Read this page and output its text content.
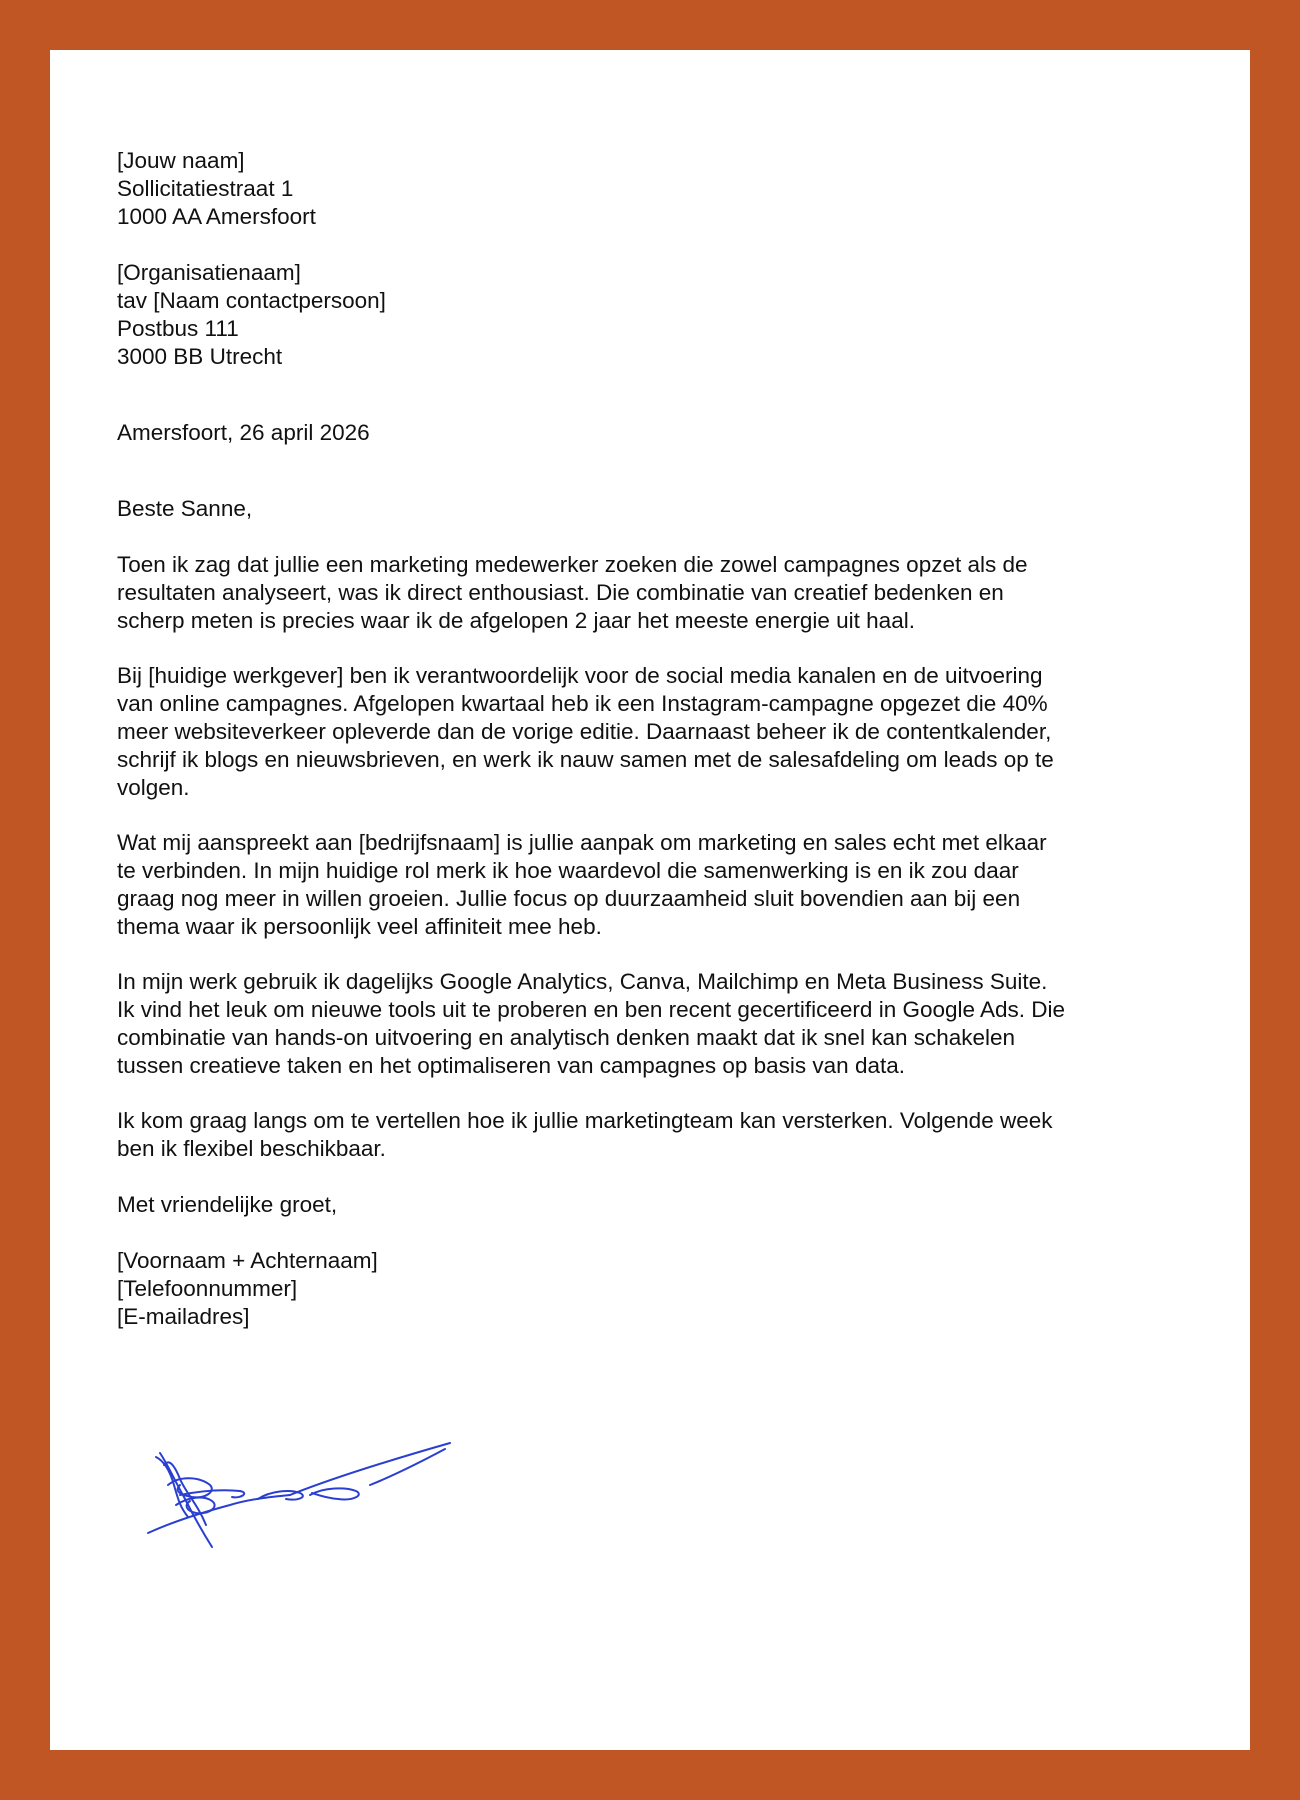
[Jouw naam]
Sollicitatiestraat 1
1000 AA Amersfoort
[Organisatienaam]
tav [Naam contactpersoon]
Postbus 111
3000 BB Utrecht
Amersfoort, 26 april 2026
Beste Sanne,
Toen ik zag dat jullie een marketing medewerker zoeken die zowel campagnes opzet als de
resultaten analyseert, was ik direct enthousiast. Die combinatie van creatief bedenken en
scherp meten is precies waar ik de afgelopen 2 jaar het meeste energie uit haal.
Bij [huidige werkgever] ben ik verantwoordelijk voor de social media kanalen en de uitvoering
van online campagnes. Afgelopen kwartaal heb ik een Instagram-campagne opgezet die 40%
meer websiteverkeer opleverde dan de vorige editie. Daarnaast beheer ik de contentkalender,
schrijf ik blogs en nieuwsbrieven, en werk ik nauw samen met de salesafdeling om leads op te
volgen.
Wat mij aanspreekt aan [bedrijfsnaam] is jullie aanpak om marketing en sales echt met elkaar
te verbinden. In mijn huidige rol merk ik hoe waardevol die samenwerking is en ik zou daar
graag nog meer in willen groeien. Jullie focus op duurzaamheid sluit bovendien aan bij een
thema waar ik persoonlijk veel affiniteit mee heb.
In mijn werk gebruik ik dagelijks Google Analytics, Canva, Mailchimp en Meta Business Suite.
Ik vind het leuk om nieuwe tools uit te proberen en ben recent gecertificeerd in Google Ads. Die
combinatie van hands-on uitvoering en analytisch denken maakt dat ik snel kan schakelen
tussen creatieve taken en het optimaliseren van campagnes op basis van data.
Ik kom graag langs om te vertellen hoe ik jullie marketingteam kan versterken. Volgende week
ben ik flexibel beschikbaar.
Met vriendelijke groet,
[Voornaam + Achternaam]
[Telefoonnummer]
[E-mailadres]
